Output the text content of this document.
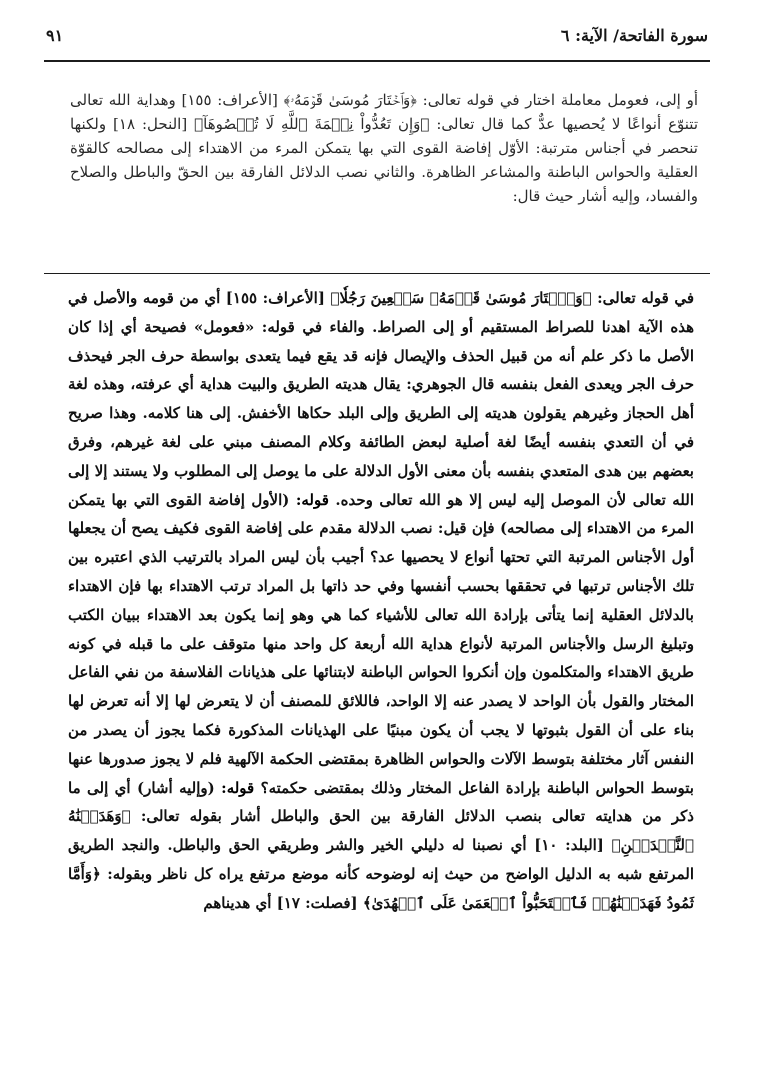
سورة الفاتحة/ الآية: ٦
٩١

أو إلى، فعومل معاملة اختار في قوله تعالى: ﴿وَٱخۡتَارَ مُوسَىٰ قَوۡمَهُۥ﴾ [الأعراف: ١٥٥] وهداية الله تعالى تتنوّع أنواعًا لا يُحصيها عدٌّ كما قال تعالى: ﴿وَإِن تَعُدُّواْ نِعۡمَةَ ٱللَّهِ لَا تُحۡصُوهَآ﴾ [النحل: ١٨] ولكنها تنحصر في أجناس مترتبة: الأوّل إفاضة القوى التي بها يتمكن المرء من الاهتداء إلى مصالحه كالقوّة العقلية والحواس الباطنة والمشاعر الظاهرة. والثاني نصب الدلائل الفارقة بين الحقّ والباطل والصلاح والفساد، وإليه أشار حيث قال:

في قوله تعالى: ﴿وَٱخۡتَارَ مُوسَىٰ قَوۡمَهُۥ سَبۡعِينَ رَجُلٗا﴾ [الأعراف: ١٥٥] أي من قومه والأصل في هذه الآية اهدنا للصراط المستقيم أو إلى الصراط. والفاء في قوله: «فعومل» فصيحة أي إذا كان الأصل ما ذكر علم أنه من قبيل الحذف والإيصال فإنه قد يقع فيما يتعدى بواسطة حرف الجر فيحذف حرف الجر ويعدى الفعل بنفسه قال الجوهري: يقال هديته الطريق والبيت هداية أي عرفته، وهذه لغة أهل الحجاز وغيرهم يقولون هديته إلى الطريق وإلى البلد حكاها الأخفش. إلى هنا كلامه. وهذا صريح في أن التعدي بنفسه أيضًا لغة أصلية لبعض الطائفة وكلام المصنف مبني على لغة غيرهم، وفرق بعضهم بين هدى المتعدي بنفسه بأن معنى الأول الدلالة على ما يوصل إلى المطلوب ولا يستند إلا إلى الله تعالى لأن الموصل إليه ليس إلا هو الله تعالى وحده. قوله: (الأول إفاضة القوى التي بها يتمكن المرء من الاهتداء إلى مصالحه) فإن قيل: نصب الدلالة مقدم على إفاضة القوى فكيف يصح أن يجعلها أول الأجناس المرتبة التي تحتها أنواع لا يحصيها عد؟ أجيب بأن ليس المراد بالترتيب الذي اعتبره بين تلك الأجناس ترتبها في تحققها بحسب أنفسها وفي حد ذاتها بل المراد ترتب الاهتداء بها فإن الاهتداء بالدلائل العقلية إنما يتأتى بإرادة الله تعالى للأشياء كما هي وهو إنما يكون بعد الاهتداء ببيان الكتب وتبليغ الرسل والأجناس المرتبة لأنواع هداية الله أربعة كل واحد منها متوقف على ما قبله في كونه طريق الاهتداء والمتكلمون وإن أنكروا الحواس الباطنة لابتنائها على هذيانات الفلاسفة من نفي الفاعل المختار والقول بأن الواحد لا يصدر عنه إلا الواحد، فاللائق للمصنف أن لا يتعرض لها إلا أنه تعرض لها بناء على أن القول بثبوتها لا يجب أن يكون مبنيًا على الهذيانات المذكورة فكما يجوز أن يصدر من النفس آثار مختلفة بتوسط الآلات والحواس الظاهرة بمقتضى الحكمة الآلهية فلم لا يجوز صدورها عنها بتوسط الحواس الباطنة بإرادة الفاعل المختار وذلك بمقتضى حكمته؟ قوله: (وإليه أشار) أي إلى ما ذكر من هدايته تعالى بنصب الدلائل الفارقة بين الحق والباطل أشار بقوله تعالى: ﴿وَهَدَيۡنَٰهُ ٱلنَّجۡدَيۡنِ﴾ [البلد: ١٠] أي نصبنا له دليلي الخير والشر وطريقي الحق والباطل. والنجد الطريق المرتفع شبه به الدليل الواضح من حيث إنه لوضوحه كأنه موضع مرتفع يراه كل ناظر وبقوله: ﴿وَأَمَّا ثَمُودُ فَهَدَيۡنَٰهُمۡ فَٱسۡتَحَبُّواْ ٱلۡعَمَىٰ عَلَى ٱلۡهُدَىٰ﴾ [فصلت: ١٧] أي هديناهم
